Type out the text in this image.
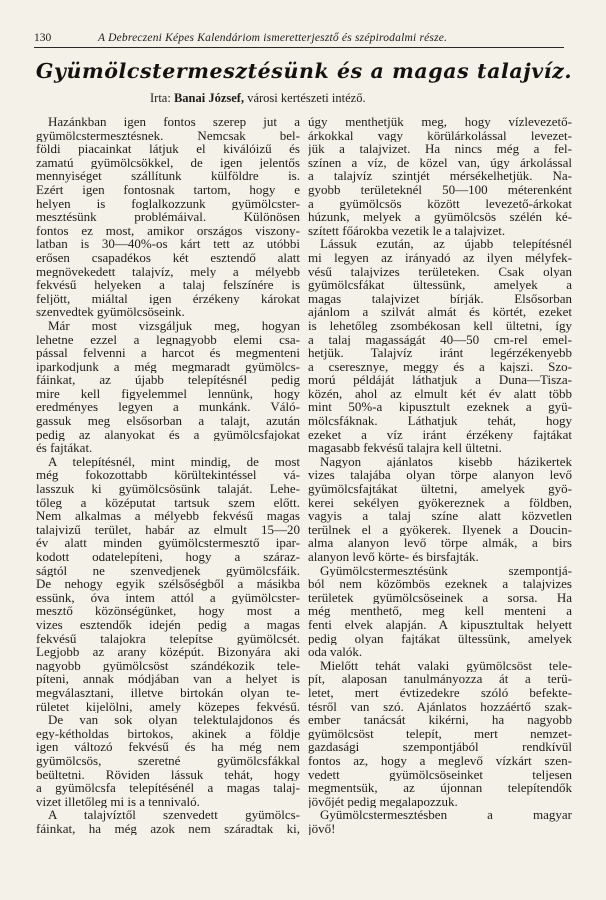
130	A Debreczeni Képes Kalendáriom ismeretterjesztő és szépirodalmi része.
Gyümölcstermesztésünk és a magas talajvíz.
Irta: Banai József, városi kertészeti intéző.
Hazánkban igen fontos szerep jut a
gyümölcstermesztésnek. Nemcsak bel-
földi piacainkat látjuk el kiválóizű és
zamatú gyümölcsökkel, de igen jelentős
mennyiséget szállítunk külföldre is.
Ezért igen fontosnak tartom, hogy e
helyen is foglalkozzunk gyümölcster-
mesztésünk problémáival. Különösen
fontos ez most, amikor országos viszony-
latban is 30—40%-os kárt tett az utóbbi
erősen csapadékos két esztendő alatt
megnövekedett talajvíz, mely a mélyebb
fekvésű helyeken a talaj felszínére is
feljött, miáltal igen érzékeny károkat
szenvedtek gyümölcsöseink.
Már most vizsgáljuk meg, hogyan
lehetne ezzel a legnagyobb elemi csa-
pással felvenni a harcot és megmenteni
iparkodjunk a még megmaradt gyümölcs-
fáinkat, az újabb telepítésnél pedig
mire kell figyelemmel lennünk, hogy
eredményes legyen a munkánk. Váló-
gassuk meg elsősorban a talajt, azután
pedig az alanyokat és a gyümölcsfajokat
és fajtákat.
A telepítésnél, mint mindig, de most
még fokozottabb körültekintéssel vá-
lasszuk ki gyümölcsösünk talaját. Lehe-
tőleg a középutat tartsuk szem előtt.
Nem alkalmas a mélyebb fekvésű magas
talajvizű terület, habár az elmult 15—20
év alatt minden gyümölcstermesztő ipar-
kodott odatelepíteni, hogy a száraz-
ságtól ne szenvedjenek gyümölcsfáik.
De nehogy egyik szélsőségből a másikba
essünk, óva intem attól a gyümölcster-
mesztő közönségünket, hogy most a
vizes esztendők idején pedig a magas
fekvésű talajokra telepítse gyümölcsét.
Legjobb az arany középút. Bizonyára aki
nagyobb gyümölcsöst szándékozik tele-
píteni, annak módjában van a helyet is
megválasztani, illetve birtokán olyan te-
rületet kijelölni, amely közepes fekvésű.
De van sok olyan telektulajdonos és
egy-kétholdas birtokos, akinek a földje
igen változó fekvésű és ha még nem
gyümölcsös, szeretné gyümölcsfákkal
beültetni. Röviden lássuk tehát, hogy
a gyümölcsfa telepítésénél a magas talaj-
vizet illetőleg mi is a tennivaló.
A talajvíztől szenvedett gyümölcs-
fáinkat, ha még azok nem száradtak ki,
úgy menthetjük meg, hogy vízlevezető-
árkokkal vagy körülárkolással levezet-
jük a talajvizet. Ha nincs még a fel-
színen a víz, de közel van, úgy árkolással
a talajvíz szintjét mérsékelhetjük. Na-
gyobb területeknél 50—100 méterenként
a gyümölcsös között levezető-árkokat
húzunk, melyek a gyümölcsös szélén ké-
szített főárokba vezetik le a talajvizet.
Lássuk ezután, az újabb telepítésnél
mi legyen az irányadó az ilyen mélyfek-
vésű talajvizes területeken. Csak olyan
gyümölcsfákat ültessünk, amelyek a
magas talajvizet bírják. Elsősorban
ajánlom a szilvát almát és körtét, ezeket
is lehetőleg zsombékosan kell ültetni, így
a talaj magasságát 40—50 cm-rel emel-
hetjük. Talajvíz iránt legérzékenyebb
a cseresznye, meggy és a kajszi. Szo-
morú példáját láthatjuk a Duna—Tisza-
közén, ahol az elmult két év alatt több
mint 50%-a kipusztult ezeknek a gyü-
mölcsfáknak. Láthatjuk tehát, hogy
ezeket a víz iránt érzékeny fajtákat
magasabb fekvésű talajra kell ültetni.
Nagyon ajánlatos kisebb házikertek
vizes talajába olyan törpe alanyon levő
gyümölcsfajtákat ültetni, amelyek gyö-
kerei sekélyen gyökereznek a földben,
vagyis a talaj színe alatt közvetlen
terülnek el a gyökerek. Ilyenek a Doucin-
alma alanyon levő törpe almák, a birs
alanyon levő körte- és birsfajták.
Gyümölcstermesztésünk szempontjá-
ból nem közömbös ezeknek a talajvizes
területek gyümölcsöseinek a sorsa. Ha
még menthető, meg kell menteni a
fenti elvek alapján. A kipusztultak helyett
pedig olyan fajtákat ültessünk, amelyek
oda valók.
Mielőtt tehát valaki gyümölcsöst tele-
pít, alaposan tanulmányozza át a terü-
letet, mert évtizedekre szóló befekte-
tésről van szó. Ajánlatos hozzáértő szak-
ember tanácsát kikérni, ha nagyobb
gyümölcsöst telepít, mert nemzet-
gazdasági szempontjából rendkívül
fontos az, hogy a meglevő vízkárt szen-
vedett gyümölcsöseinket teljesen
megmentsük, az újonnan telepítendők
jövőjét pedig megalapozzuk.
Gyümölcstermesztésben a magyar
jövő!
